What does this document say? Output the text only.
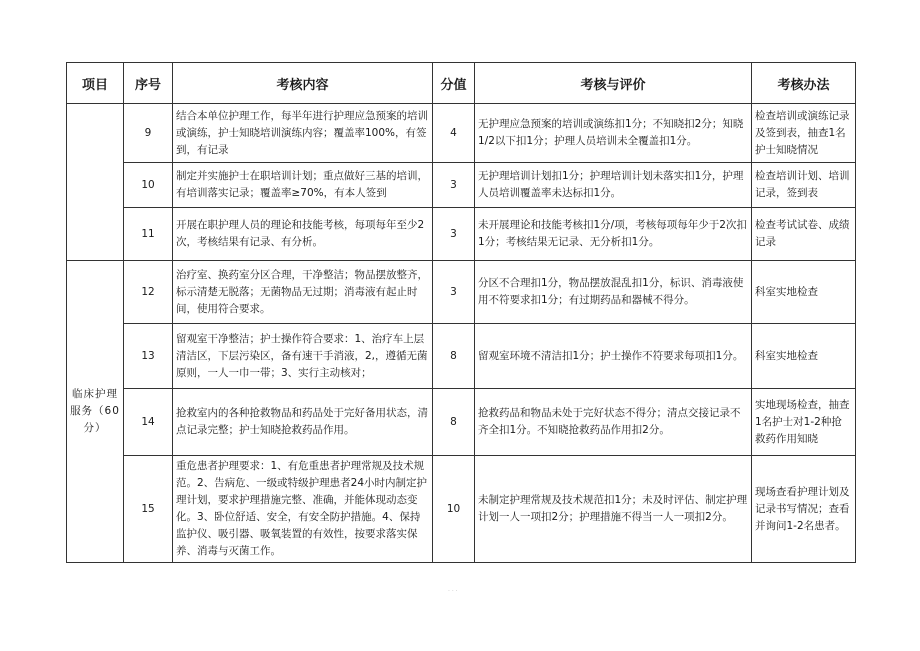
项目	序号	考核内容	分值	考核与评价	考核办法
	9	结合本单位护理工作，每半年进行护理应急预案的培训或演练，护士知晓培训演练内容；覆盖率100%，有签到，有记录	4	无护理应急预案的培训或演练扣1分；不知晓扣2分；知晓1/2以下扣1分；护理人员培训未全覆盖扣1分。	检查培训或演练记录及签到表，抽查1名护士知晓情况
	10	制定并实施护士在职培训计划；重点做好三基的培训，有培训落实记录；覆盖率≥70%，有本人签到	3	无护理培训计划扣1分；护理培训计划未落实扣1分，护理人员培训覆盖率未达标扣1分。	检查培训计划、培训记录，签到表
	11	开展在职护理人员的理论和技能考核，每项每年至少2次，考核结果有记录、有分析。	3	未开展理论和技能考核扣1分/项，考核每项每年少于2次扣1分；考核结果无记录、无分析扣1分。	检查考试试卷、成绩记录
临床护理服务（60分）	12	治疗室、换药室分区合理，干净整洁；物品摆放整齐，标示清楚无脱落；无菌物品无过期；消毒液有起止时间，使用符合要求。	3	分区不合理扣1分，物品摆放混乱扣1分，标识、消毒液使用不符要求扣1分；有过期药品和器械不得分。	科室实地检查
	13	留观室干净整洁；护士操作符合要求：1、治疗车上层清洁区，下层污染区，备有速干手消液，2,，遵循无菌原则，一人一巾一带；3、实行主动核对；	8	留观室环境不清洁扣1分；护士操作不符要求每项扣1分。	科室实地检查
	14	抢救室内的各种抢救物品和药品处于完好备用状态，清点记录完整；护士知晓抢救药品作用。	8	抢救药品和物品未处于完好状态不得分；清点交接记录不齐全扣1分。不知晓抢救药品作用扣2分。	实地现场检查，抽查1名护士对1-2种抢救药作用知晓
	15	重危患者护理要求：1、有危重患者护理常规及技术规范。2、告病危、一级或特级护理患者24小时内制定护理计划，要求护理措施完整、准确，并能体现动态变化。3、卧位舒适、安全，有安全防护措施。4、保持监护仪、吸引器、吸氧装置的有效性，按要求落实保养、消毒与灭菌工作。	10	未制定护理常规及技术规范扣1分；未及时评估、制定护理计划一人一项扣2分；护理措施不得当一人一项扣2分。	现场查看护理计划及记录书写情况；查看并询问1-2名患者。
· · ·
